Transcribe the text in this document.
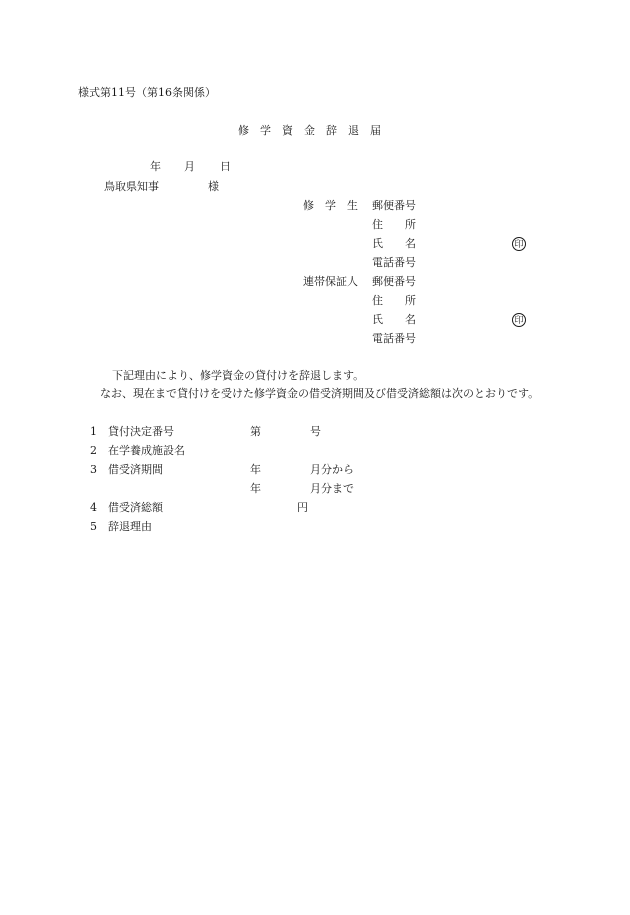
様式第11号（第16条関係）
修　学　資　金　辞　退　届
年 月 日
鳥取県知事	様
修　学　生 郵便番号
住　　所
氏　　名	印
電話番号
連帯保証人 郵便番号
住　　所
氏　　名	印
電話番号
下記理由により、修学資金の貸付けを辞退します。
なお、現在まで貸付けを受けた修学資金の借受済期間及び借受済総額は次のとおりです。
1 貸付決定番号	第	号
2 在学養成施設名
3 借受済期間	年	月分から
年	月分まで
4 借受済総額	円
5 辞退理由
